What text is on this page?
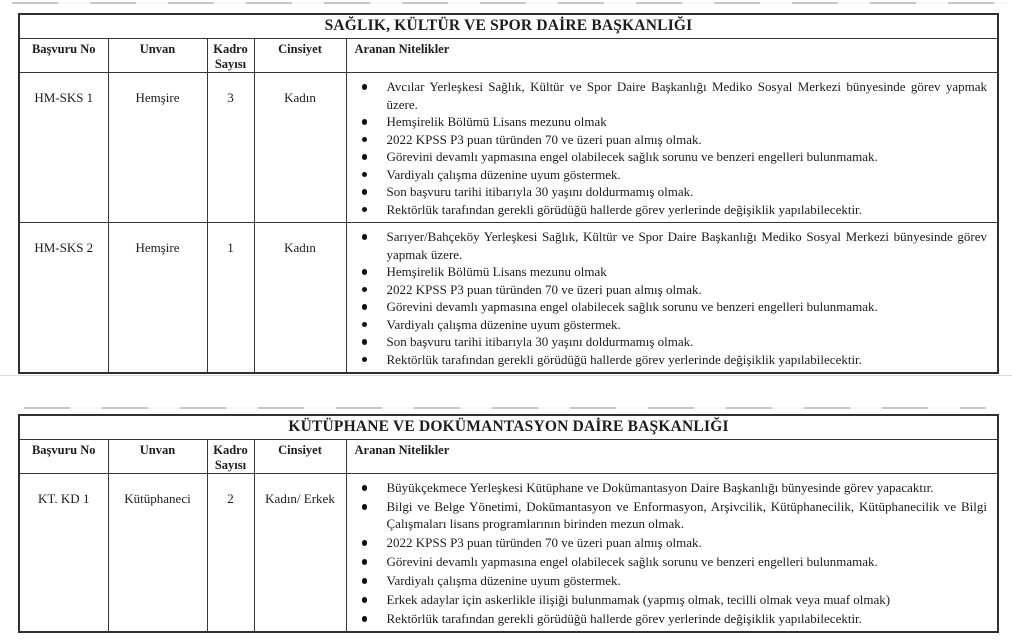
SAĞLIK, KÜLTÜR VE SPOR DAİRE BAŞKANLIĞI				
Başvuru No	Unvan	Kadro Sayısı	Cinsiyet	Aranan Nitelikler
HM-SKS 1	Hemşire	3	Kadın	
Avcılar Yerleşkesi Sağlık, Kültür ve Spor Daire Başkanlığı Mediko Sosyal Merkezi bünyesinde görev yapmak üzere.
Hemşirelik Bölümü Lisans mezunu olmak
2022 KPSS P3 puan türünden 70 ve üzeri puan almış olmak.
Görevini devamlı yapmasına engel olabilecek sağlık sorunu ve benzeri engelleri bulunmamak.
Vardiyalı çalışma düzenine uyum göstermek.
Son başvuru tarihi itibarıyla 30 yaşını doldurmamış olmak.
Rektörlük tarafından gerekli görüdüğü hallerde görev yerlerinde değişiklik yapılabilecektir.

HM-SKS 2	Hemşire	1	Kadın	
Sarıyer/Bahçeköy Yerleşkesi Sağlık, Kültür ve Spor Daire Başkanlığı Mediko Sosyal Merkezi bünyesinde görev yapmak üzere.
Hemşirelik Bölümü Lisans mezunu olmak
2022 KPSS P3 puan türünden 70 ve üzeri puan almış olmak.
Görevini devamlı yapmasına engel olabilecek sağlık sorunu ve benzeri engelleri bulunmamak.
Vardiyalı çalışma düzenine uyum göstermek.
Son başvuru tarihi itibarıyla 30 yaşını doldurmamış olmak.
Rektörlük tarafından gerekli görüdüğü hallerde görev yerlerinde değişiklik yapılabilecektir.
KÜTÜPHANE VE DOKÜMANTASYON DAİRE BAŞKANLIĞI				
Başvuru No	Unvan	Kadro Sayısı	Cinsiyet	Aranan Nitelikler
KT. KD 1	Kütüphaneci	2	Kadın/ Erkek	
Büyükçekmece Yerleşkesi Kütüphane ve Dokümantasyon Daire Başkanlığı bünyesinde görev yapacaktır.
Bilgi ve Belge Yönetimi, Dokümantasyon ve Enformasyon, Arşivcilik, Kütüphanecilik, Kütüphanecilik ve Bilgi Çalışmaları lisans programlarının birinden mezun olmak.
2022 KPSS P3 puan türünden 70 ve üzeri puan almış olmak.
Görevini devamlı yapmasına engel olabilecek sağlık sorunu ve benzeri engelleri bulunmamak.
Vardiyalı çalışma düzenine uyum göstermek.
Erkek adaylar için askerlikle ilişiği bulunmamak (yapmış olmak, tecilli olmak veya muaf olmak)
Rektörlük tarafından gerekli görüdüğü hallerde görev yerlerinde değişiklik yapılabilecektir.
